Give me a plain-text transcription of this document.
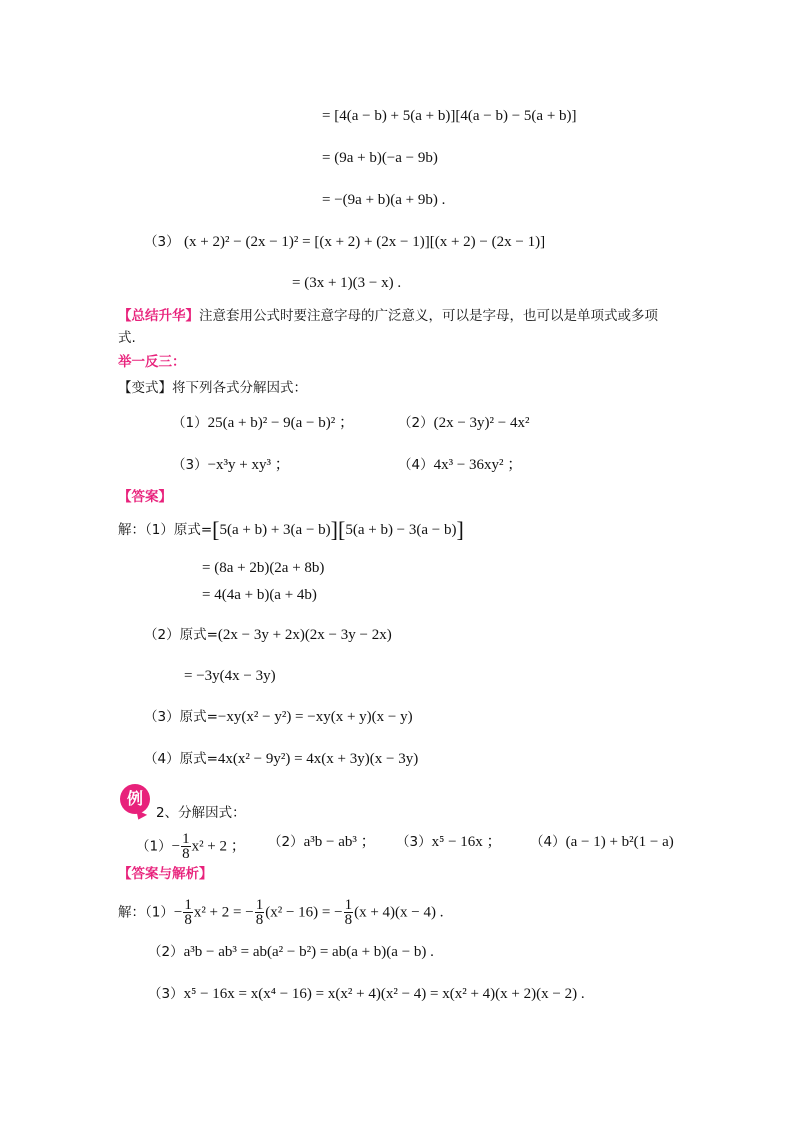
= [4(a − b) + 5(a + b)][4(a − b) − 5(a + b)]
= (9a + b)(−a − 9b)
= −(9a + b)(a + 9b) .
（3） (x + 2)² − (2x − 1)² = [(x + 2) + (2x − 1)][(x + 2) − (2x − 1)]
= (3x + 1)(3 − x) .
【总结升华】注意套用公式时要注意字母的广泛意义，可以是字母，也可以是单项式或多项
式.
举一反三：
【变式】将下列各式分解因式：
（1）25(a + b)² − 9(a − b)² ；	（2）(2x − 3y)² − 4x²
（3）−x³y + xy³ ；	（4）4x³ − 36xy² ；
【答案】
解：（1）原式=[5(a + b) + 3(a − b)][5(a + b) − 3(a − b)]
= (8a + 2b)(2a + 8b)
= 4(4a + b)(a + 4b)
（2）原式=(2x − 3y + 2x)(2x − 3y − 2x)
= −3y(4x − 3y)
（3）原式=−xy(x² − y²) = −xy(x + y)(x − y)
（4）原式=4x(x² − 9y²) = 4x(x + 3y)(x − 3y)
例
2、分解因式：
$(1)- \frac{1}{8} x^2 + 2$ ； （2）a³b − ab³ ； （3）x⁵ − 16x ； （4）(a − 1) + b²(1 − a)
【答案与解析】
解：$(1)- \frac{1}{8} x^2 + 2$ = − $\frac{1}{8} (x^2 - 16)$ = − $\frac{1}{8} (x + 4)(x - 4)$ .
（2）a³b − ab³ = ab(a² − b²) = ab(a + b)(a − b) .
（3）x⁵ − 16x = x(x⁴ − 16) = x(x² + 4)(x² − 4) = x(x² + 4)(x + 2)(x − 2) .
